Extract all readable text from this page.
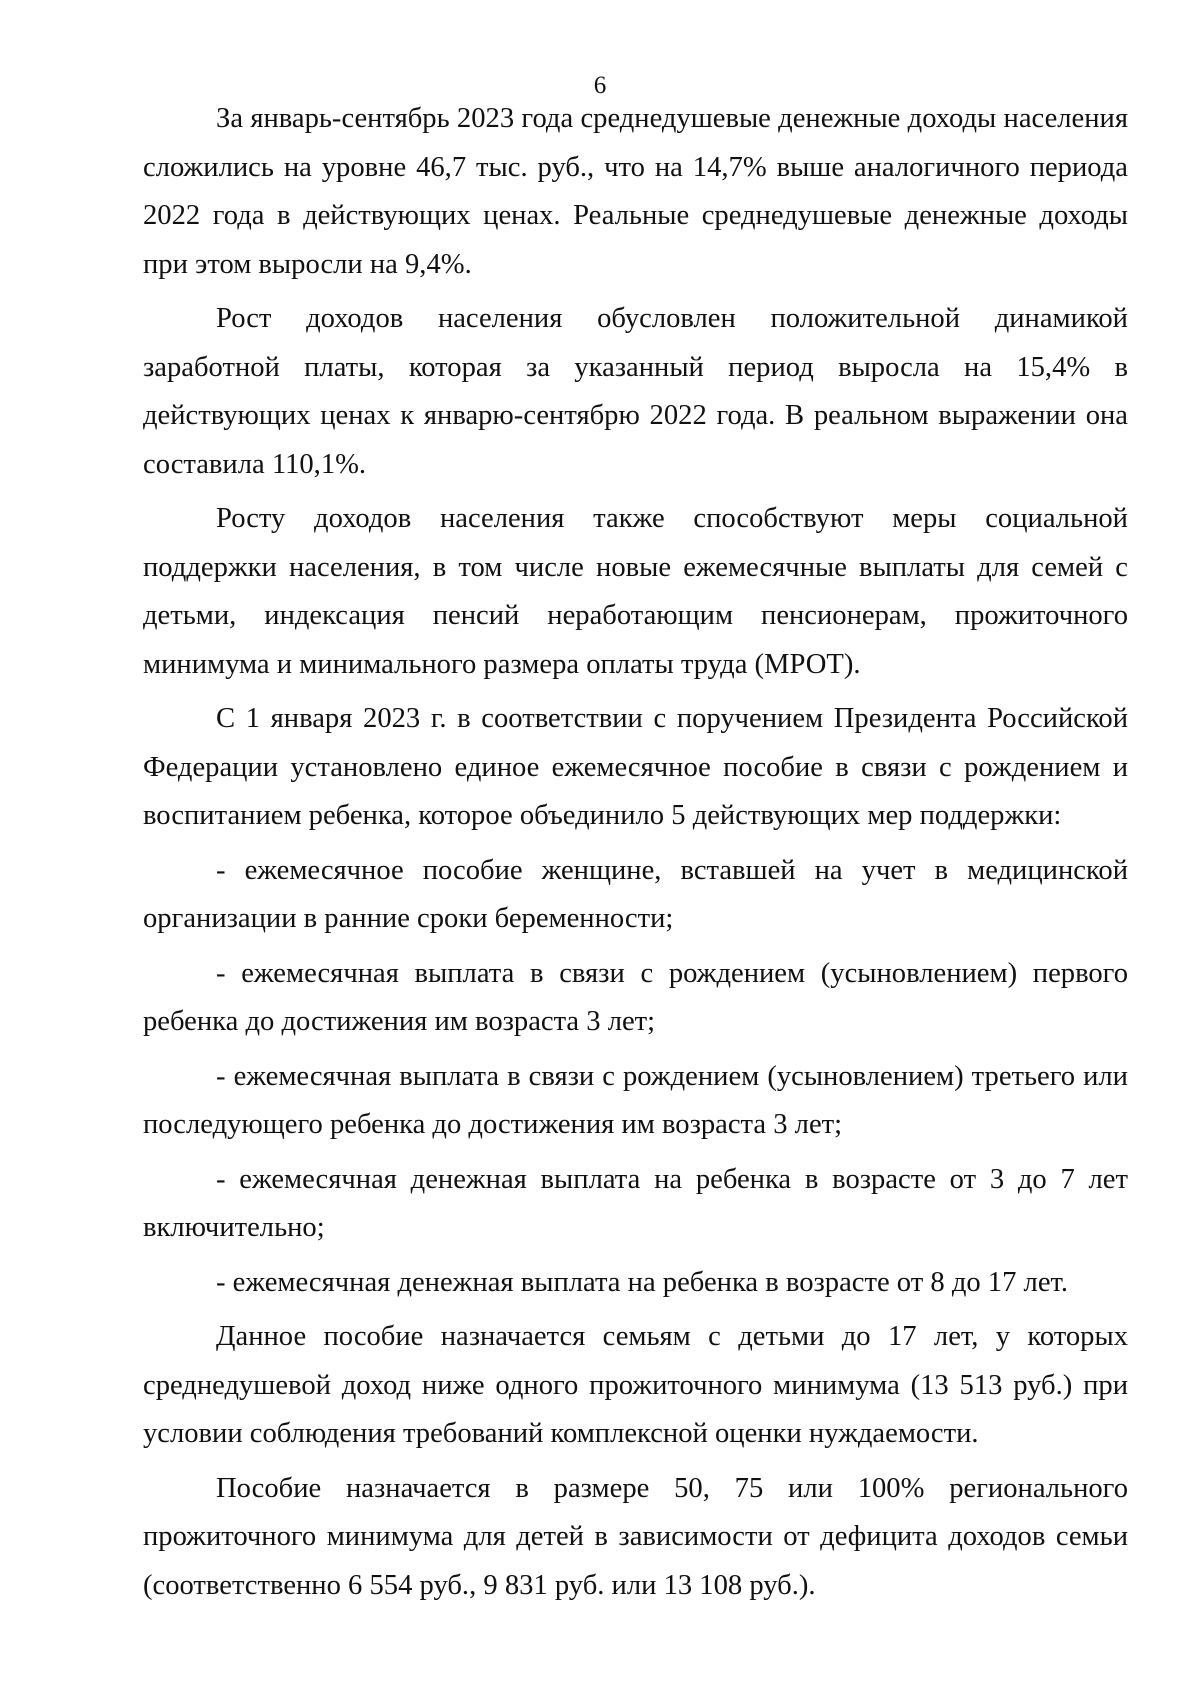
6

За январь-сентябрь 2023 года среднедушевые денежные доходы населения сложились на уровне 46,7 тыс. руб., что на 14,7% выше аналогичного периода 2022 года в действующих ценах. Реальные среднедушевые денежные доходы при этом выросли на 9,4%.

Рост доходов населения обусловлен положительной динамикой заработной платы, которая за указанный период выросла на 15,4% в действующих ценах к январю-сентябрю 2022 года. В реальном выражении она составила 110,1%.

Росту доходов населения также способствуют меры социальной поддержки населения, в том числе новые ежемесячные выплаты для семей с детьми, индексация пенсий неработающим пенсионерам, прожиточного минимума и минимального размера оплаты труда (МРОТ).

С 1 января 2023 г. в соответствии с поручением Президента Российской Федерации установлено единое ежемесячное пособие в связи с рождением и воспитанием ребенка, которое объединило 5 действующих мер поддержки:

- ежемесячное пособие женщине, вставшей на учет в медицинской организации в ранние сроки беременности;

- ежемесячная выплата в связи с рождением (усыновлением) первого ребенка до достижения им возраста 3 лет;

- ежемесячная выплата в связи с рождением (усыновлением) третьего или последующего ребенка до достижения им возраста 3 лет;

- ежемесячная денежная выплата на ребенка в возрасте от 3 до 7 лет включительно;

- ежемесячная денежная выплата на ребенка в возрасте от 8 до 17 лет.

Данное пособие назначается семьям с детьми до 17 лет, у которых среднедушевой доход ниже одного прожиточного минимума (13 513 руб.) при условии соблюдения требований комплексной оценки нуждаемости.

Пособие назначается в размере 50, 75 или 100% регионального прожиточного минимума для детей в зависимости от дефицита доходов семьи (соответственно 6 554 руб., 9 831 руб. или 13 108 руб.).
